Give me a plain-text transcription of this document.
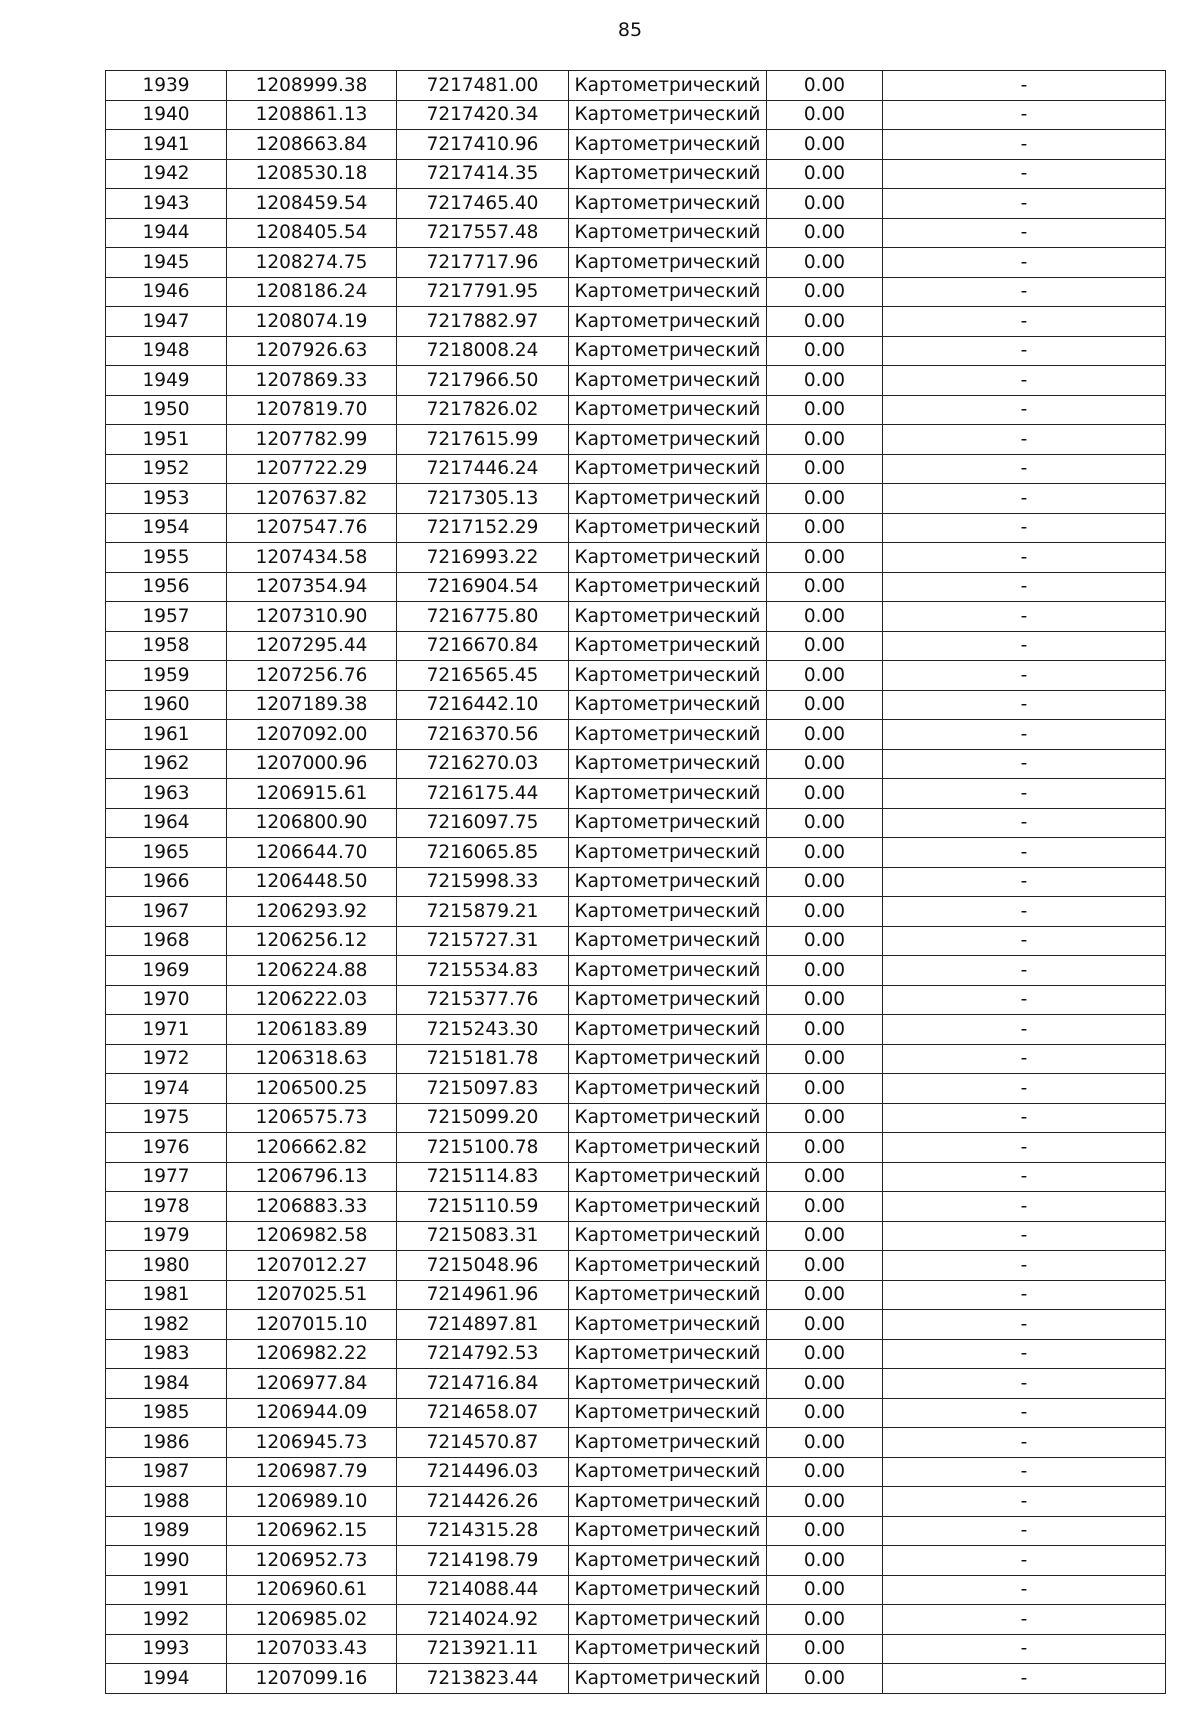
85
1939	1208999.38	7217481.00	Картометрический	0.00	-
1940	1208861.13	7217420.34	Картометрический	0.00	-
1941	1208663.84	7217410.96	Картометрический	0.00	-
1942	1208530.18	7217414.35	Картометрический	0.00	-
1943	1208459.54	7217465.40	Картометрический	0.00	-
1944	1208405.54	7217557.48	Картометрический	0.00	-
1945	1208274.75	7217717.96	Картометрический	0.00	-
1946	1208186.24	7217791.95	Картометрический	0.00	-
1947	1208074.19	7217882.97	Картометрический	0.00	-
1948	1207926.63	7218008.24	Картометрический	0.00	-
1949	1207869.33	7217966.50	Картометрический	0.00	-
1950	1207819.70	7217826.02	Картометрический	0.00	-
1951	1207782.99	7217615.99	Картометрический	0.00	-
1952	1207722.29	7217446.24	Картометрический	0.00	-
1953	1207637.82	7217305.13	Картометрический	0.00	-
1954	1207547.76	7217152.29	Картометрический	0.00	-
1955	1207434.58	7216993.22	Картометрический	0.00	-
1956	1207354.94	7216904.54	Картометрический	0.00	-
1957	1207310.90	7216775.80	Картометрический	0.00	-
1958	1207295.44	7216670.84	Картометрический	0.00	-
1959	1207256.76	7216565.45	Картометрический	0.00	-
1960	1207189.38	7216442.10	Картометрический	0.00	-
1961	1207092.00	7216370.56	Картометрический	0.00	-
1962	1207000.96	7216270.03	Картометрический	0.00	-
1963	1206915.61	7216175.44	Картометрический	0.00	-
1964	1206800.90	7216097.75	Картометрический	0.00	-
1965	1206644.70	7216065.85	Картометрический	0.00	-
1966	1206448.50	7215998.33	Картометрический	0.00	-
1967	1206293.92	7215879.21	Картометрический	0.00	-
1968	1206256.12	7215727.31	Картометрический	0.00	-
1969	1206224.88	7215534.83	Картометрический	0.00	-
1970	1206222.03	7215377.76	Картометрический	0.00	-
1971	1206183.89	7215243.30	Картометрический	0.00	-
1972	1206318.63	7215181.78	Картометрический	0.00	-
1974	1206500.25	7215097.83	Картометрический	0.00	-
1975	1206575.73	7215099.20	Картометрический	0.00	-
1976	1206662.82	7215100.78	Картометрический	0.00	-
1977	1206796.13	7215114.83	Картометрический	0.00	-
1978	1206883.33	7215110.59	Картометрический	0.00	-
1979	1206982.58	7215083.31	Картометрический	0.00	-
1980	1207012.27	7215048.96	Картометрический	0.00	-
1981	1207025.51	7214961.96	Картометрический	0.00	-
1982	1207015.10	7214897.81	Картометрический	0.00	-
1983	1206982.22	7214792.53	Картометрический	0.00	-
1984	1206977.84	7214716.84	Картометрический	0.00	-
1985	1206944.09	7214658.07	Картометрический	0.00	-
1986	1206945.73	7214570.87	Картометрический	0.00	-
1987	1206987.79	7214496.03	Картометрический	0.00	-
1988	1206989.10	7214426.26	Картометрический	0.00	-
1989	1206962.15	7214315.28	Картометрический	0.00	-
1990	1206952.73	7214198.79	Картометрический	0.00	-
1991	1206960.61	7214088.44	Картометрический	0.00	-
1992	1206985.02	7214024.92	Картометрический	0.00	-
1993	1207033.43	7213921.11	Картометрический	0.00	-
1994	1207099.16	7213823.44	Картометрический	0.00	-
